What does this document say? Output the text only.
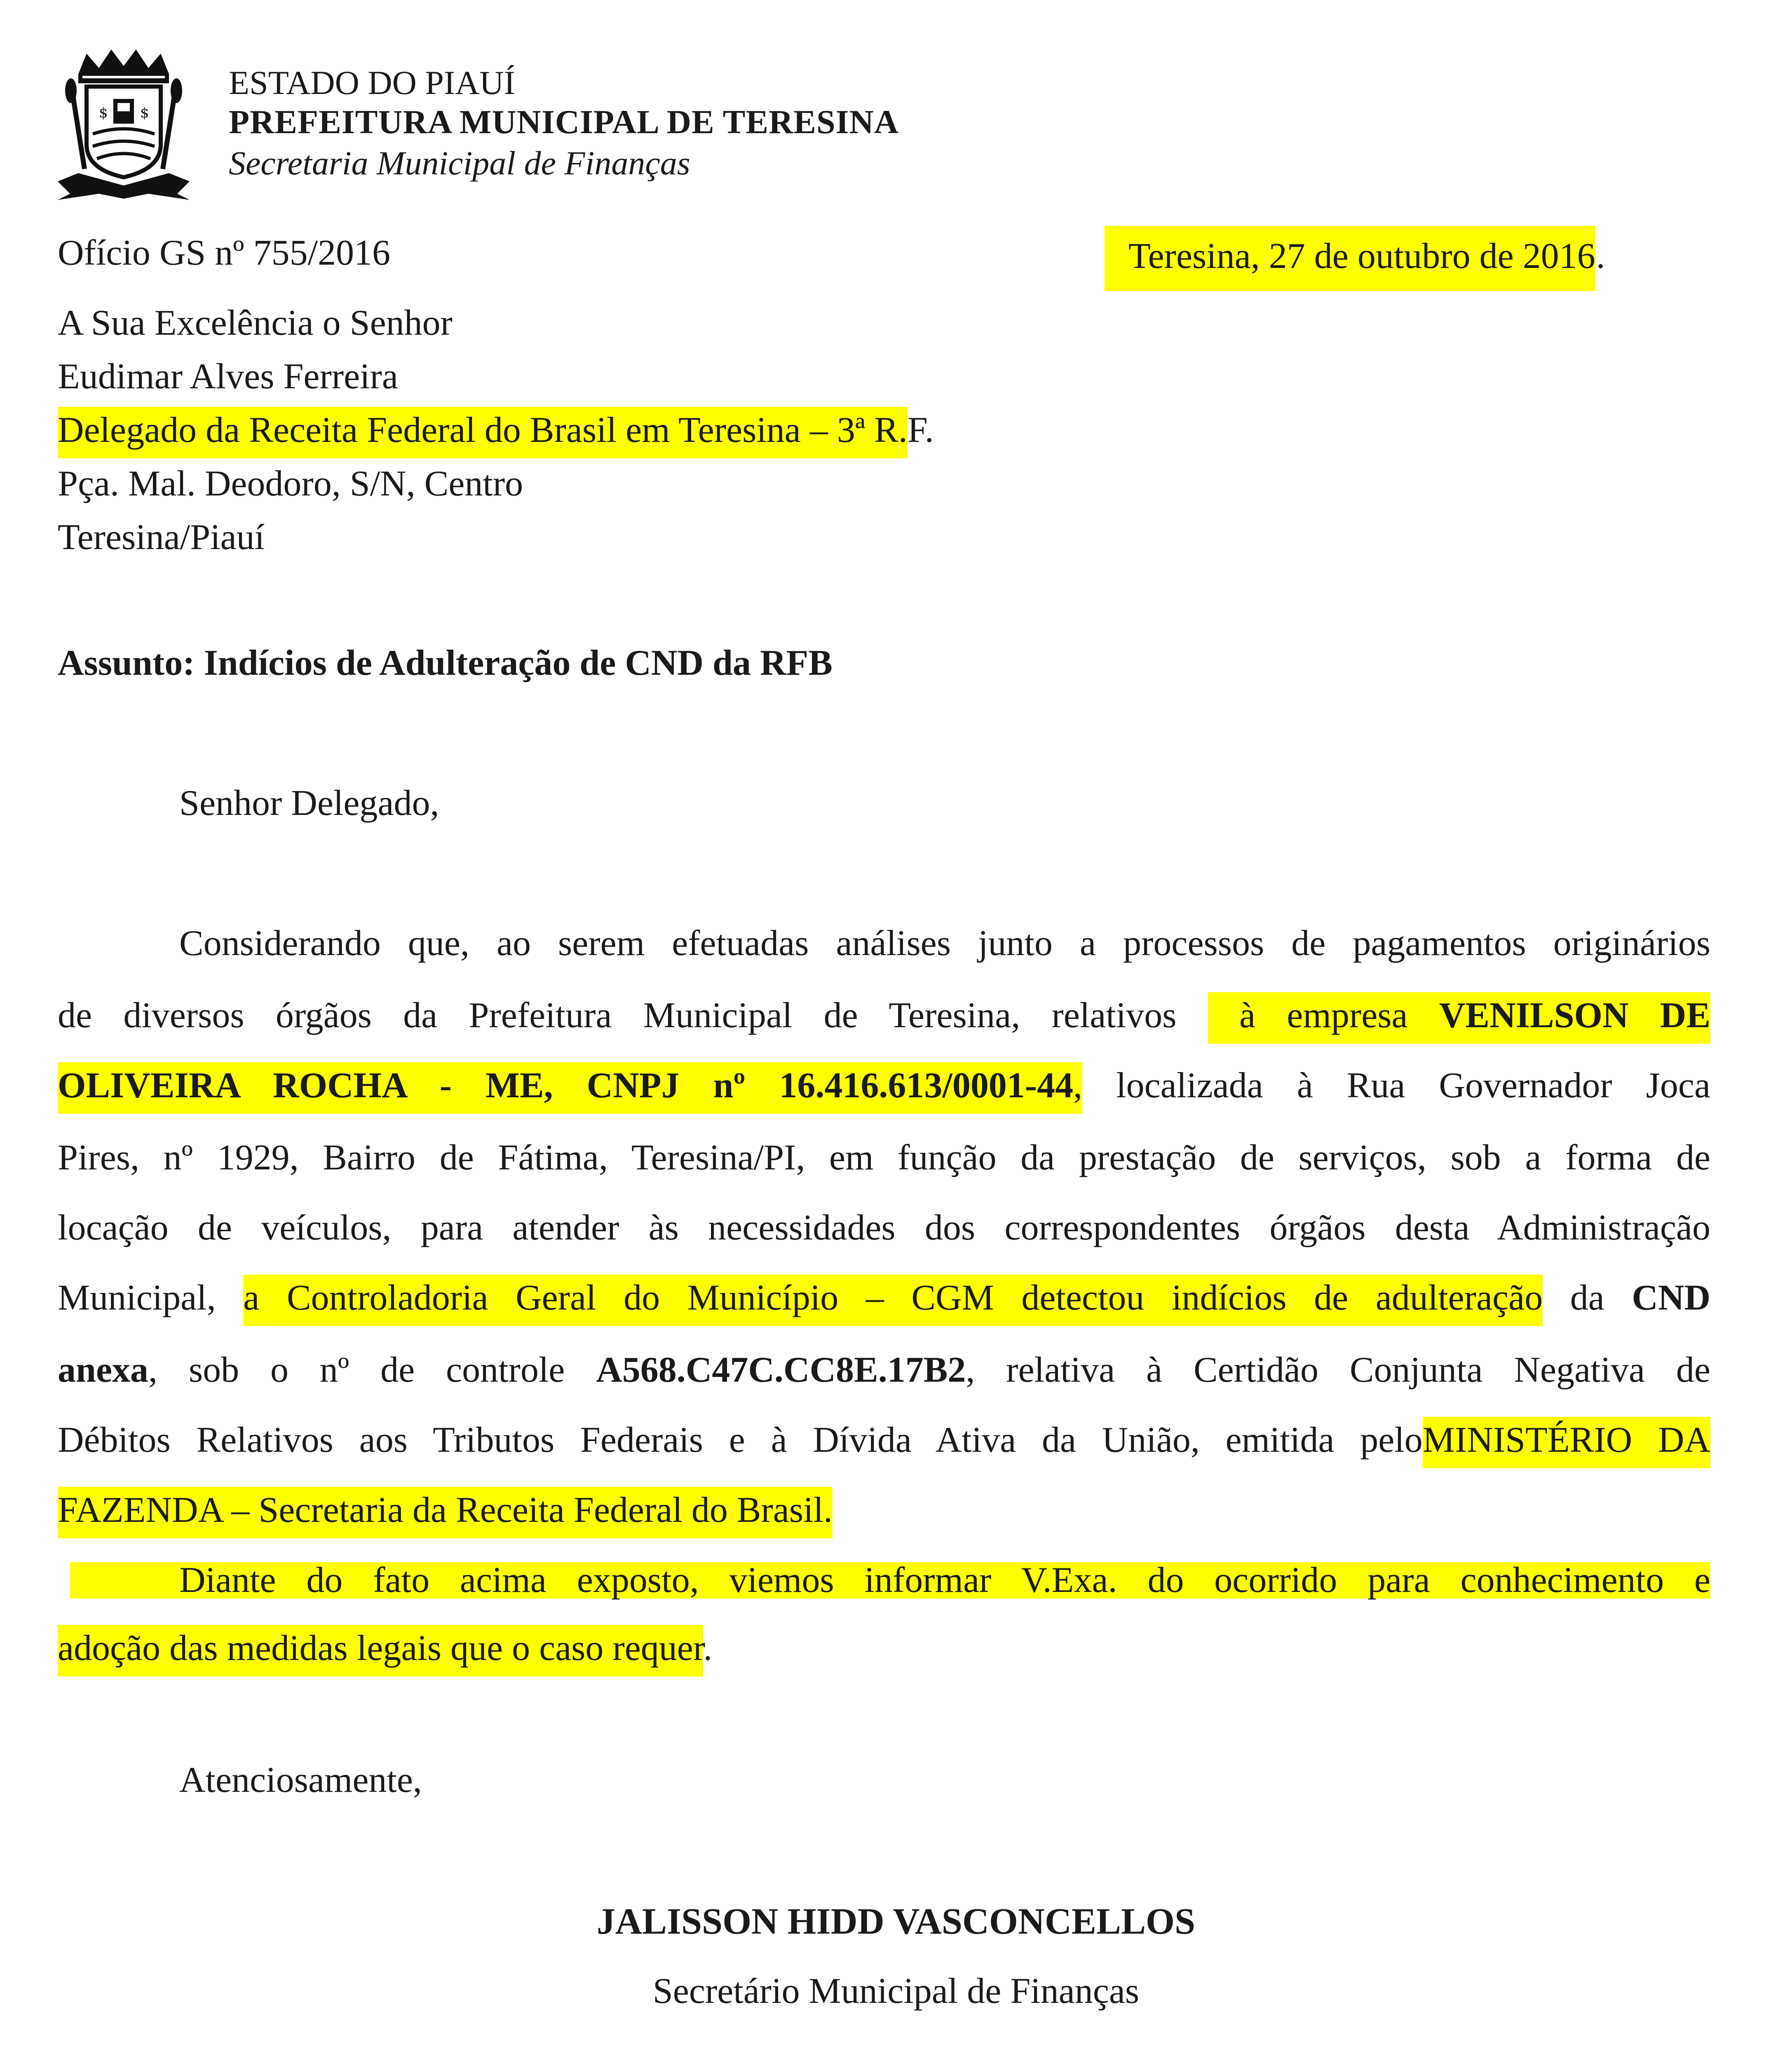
$ $
ESTADO DO PIAUÍ
PREFEITURA MUNICIPAL DE TERESINA
Secretaria Municipal de Finanças
Ofício GS nº 755/2016	Teresina, 27 de outubro de 2016 .
A Sua Excelência o Senhor
Eudimar Alves Ferreira
Delegado da Receita Federal do Brasil em Teresina – 3ª R.F.
Pça. Mal. Deodoro, S/N, Centro
Teresina/Piauí
Assunto: Indícios de Adulteração de CND da RFB
Senhor Delegado,
Considerando que, ao serem efetuadas análises junto a processos de pagamentos originários
de diversos órgãos da Prefeitura Municipal de Teresina, relativos à empresa VENILSON DE
OLIVEIRA ROCHA - ME, CNPJ nº 16.416.613/0001-44, localizada à Rua Governador Joca
Pires, nº 1929, Bairro de Fátima, Teresina/PI, em função da prestação de serviços, sob a forma de
locação de veículos, para atender às necessidades dos correspondentes órgãos desta Administração
Municipal, a Controladoria Geral do Município – CGM detectou indícios de adulteração da CND
anexa, sob o nº de controle A568.C47C.CC8E.17B2, relativa à Certidão Conjunta Negativa de
Débitos Relativos aos Tributos Federais e à Dívida Ativa da União, emitida peloMINISTÉRIO DA
FAZENDA – Secretaria da Receita Federal do Brasil.
Diante do fato acima exposto, viemos informar V.Exa. do ocorrido para conhecimento e
adoção das medidas legais que o caso requer.
Atenciosamente,
JALISSON HIDD VASCONCELLOS
Secretário Municipal de Finanças
